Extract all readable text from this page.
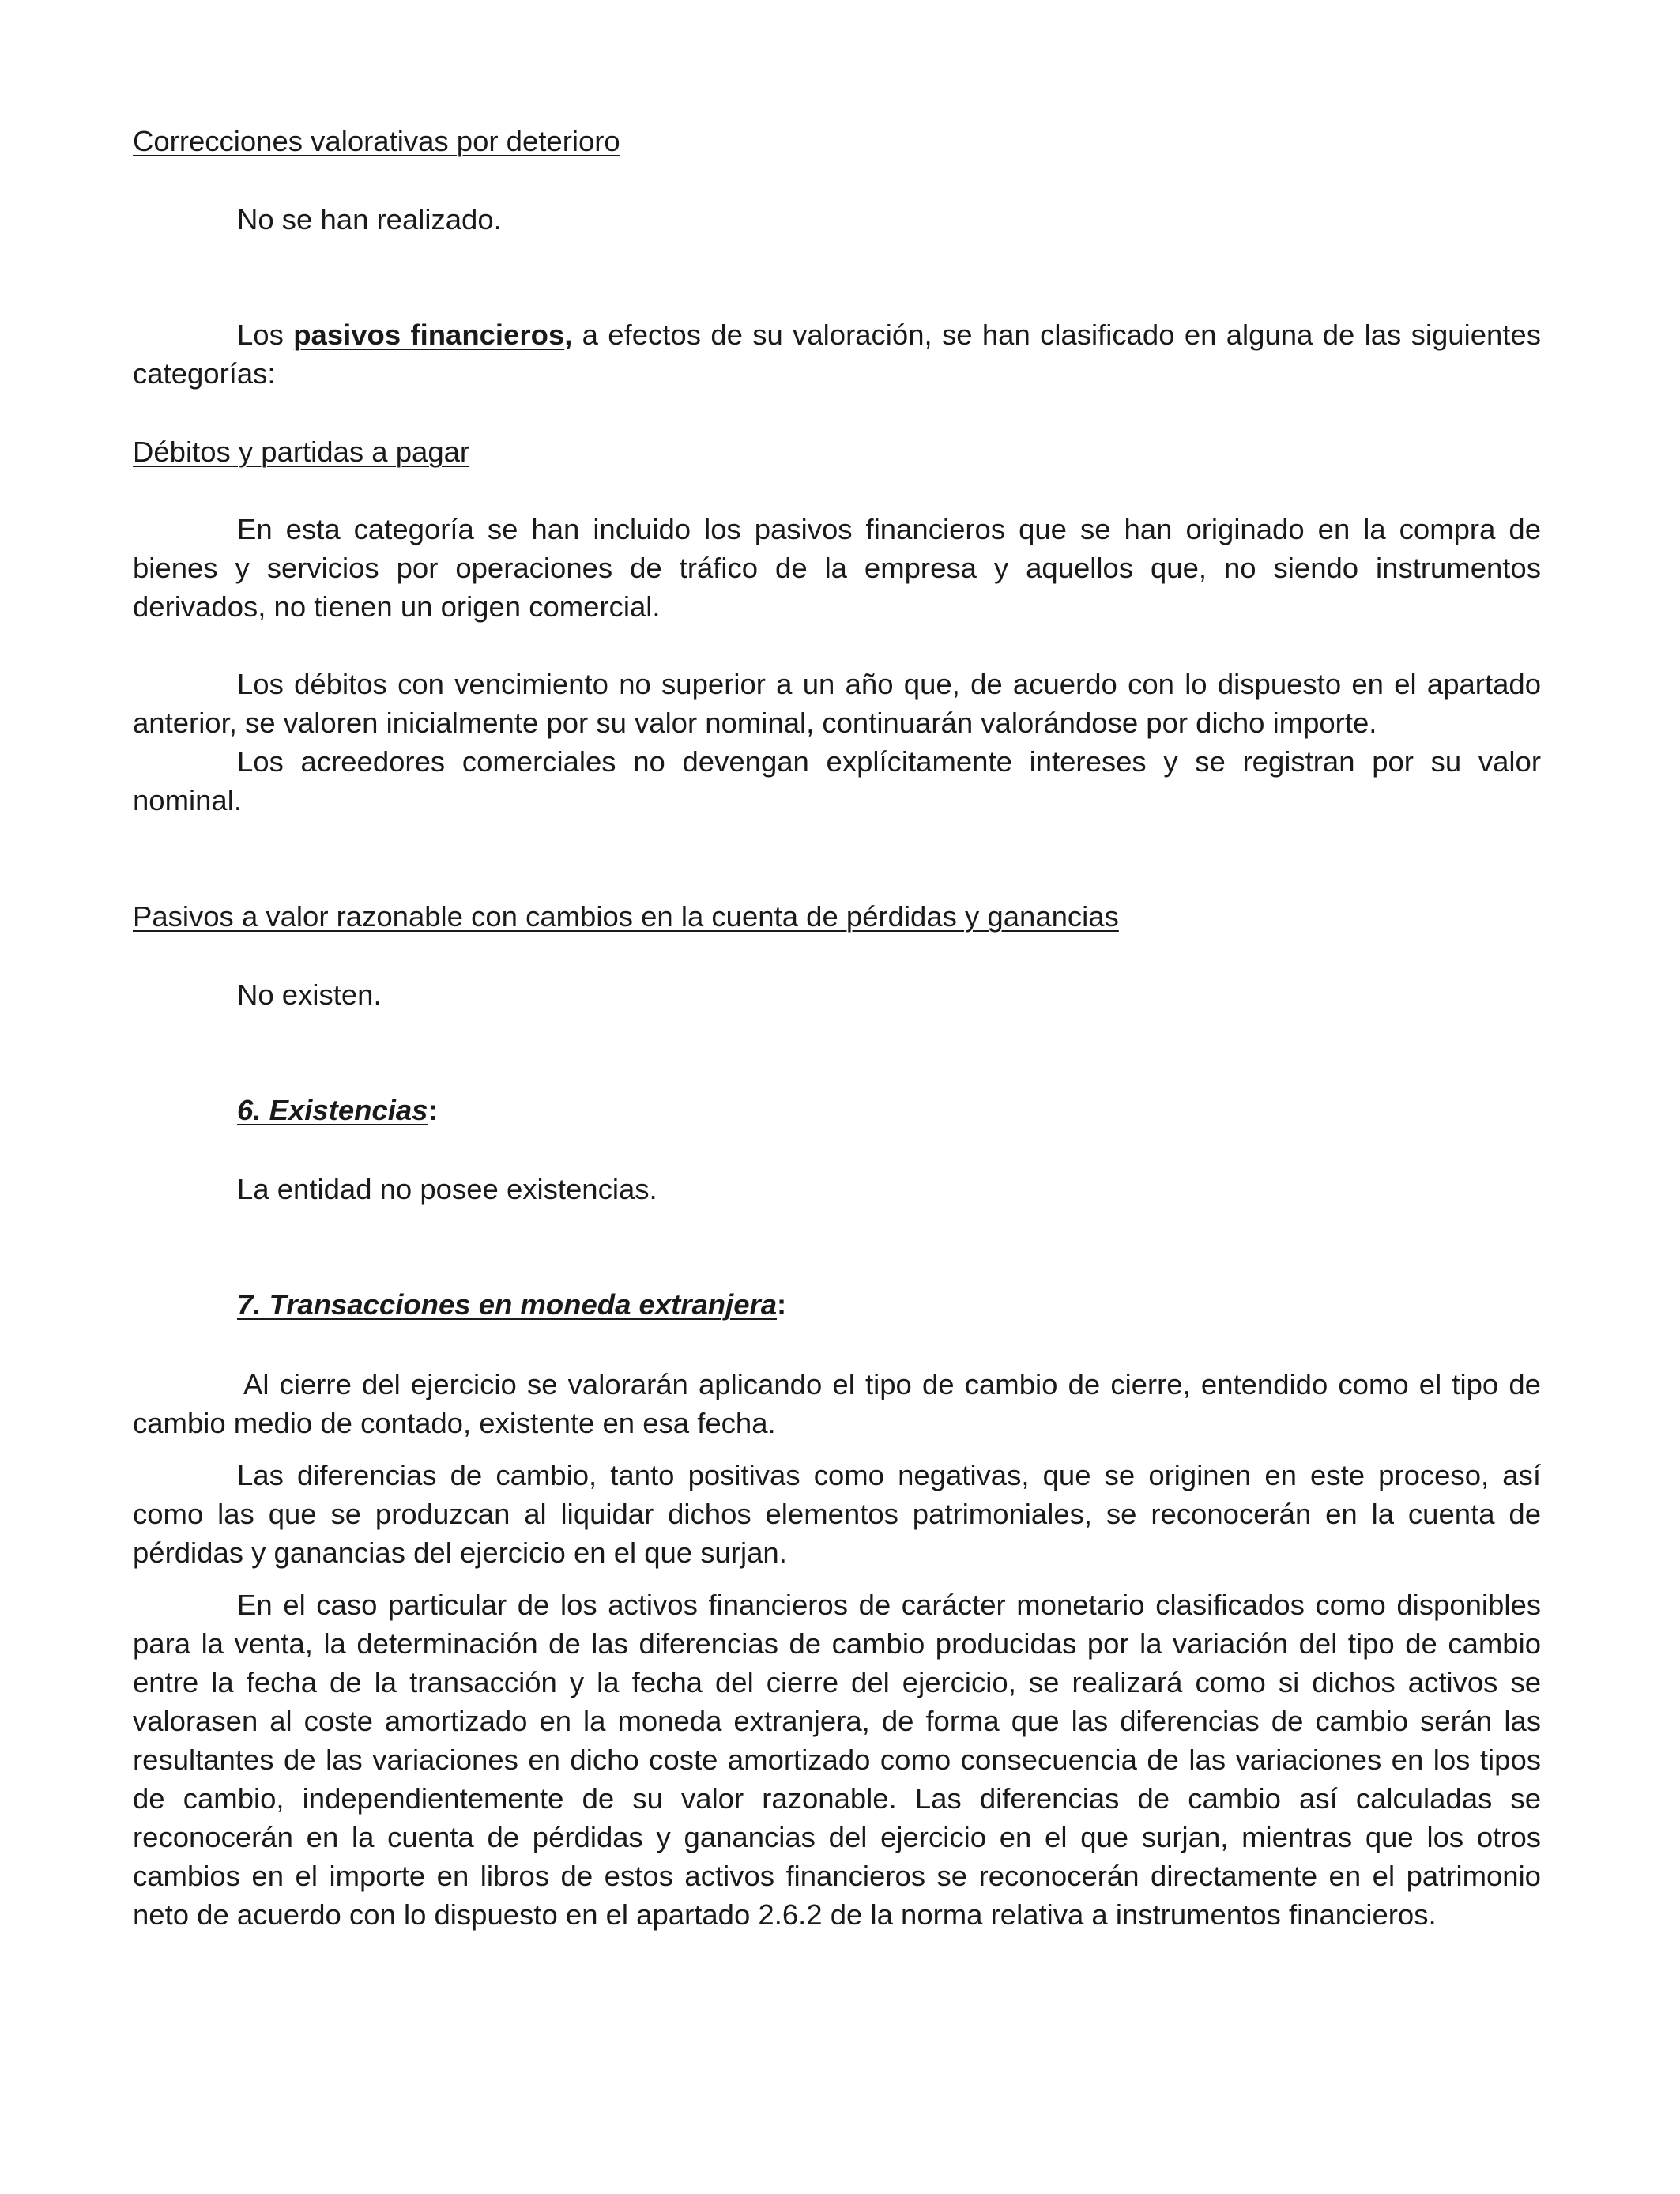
Correcciones valorativas por deterioro

No se han realizado.

Los pasivos financieros, a efectos de su valoración, se han clasificado en alguna de las siguientes categorías:

Débitos y partidas a pagar

En esta categoría se han incluido los pasivos financieros que se han originado en la compra de bienes y servicios por operaciones de tráfico de la empresa y aquellos que, no siendo instrumentos derivados, no tienen un origen comercial.

Los débitos con vencimiento no superior a un año que, de acuerdo con lo dispuesto en el apartado anterior, se valoren inicialmente por su valor nominal, continuarán valorándose por dicho importe.

Los acreedores comerciales no devengan explícitamente intereses y se registran por su valor nominal.

Pasivos a valor razonable con cambios en la cuenta de pérdidas y ganancias

No existen.

6. Existencias:

La entidad no posee existencias.

7. Transacciones en moneda extranjera:

Al cierre del ejercicio se valorarán aplicando el tipo de cambio de cierre, entendido como el tipo de cambio medio de contado, existente en esa fecha.

Las diferencias de cambio, tanto positivas como negativas, que se originen en este proceso, así como las que se produzcan al liquidar dichos elementos patrimoniales, se reconocerán en la cuenta de pérdidas y ganancias del ejercicio en el que surjan.

En el caso particular de los activos financieros de carácter monetario clasificados como disponibles para la venta, la determinación de las diferencias de cambio producidas por la variación del tipo de cambio entre la fecha de la transacción y la fecha del cierre del ejercicio, se realizará como si dichos activos se valorasen al coste amortizado en la moneda extranjera, de forma que las diferencias de cambio serán las resultantes de las variaciones en dicho coste amortizado como consecuencia de las variaciones en los tipos de cambio, independientemente de su valor razonable. Las diferencias de cambio así calculadas se reconocerán en la cuenta de pérdidas y ganancias del ejercicio en el que surjan, mientras que los otros cambios en el importe en libros de estos activos financieros se reconocerán directamente en el patrimonio neto de acuerdo con lo dispuesto en el apartado 2.6.2 de la norma relativa a instrumentos financieros.
